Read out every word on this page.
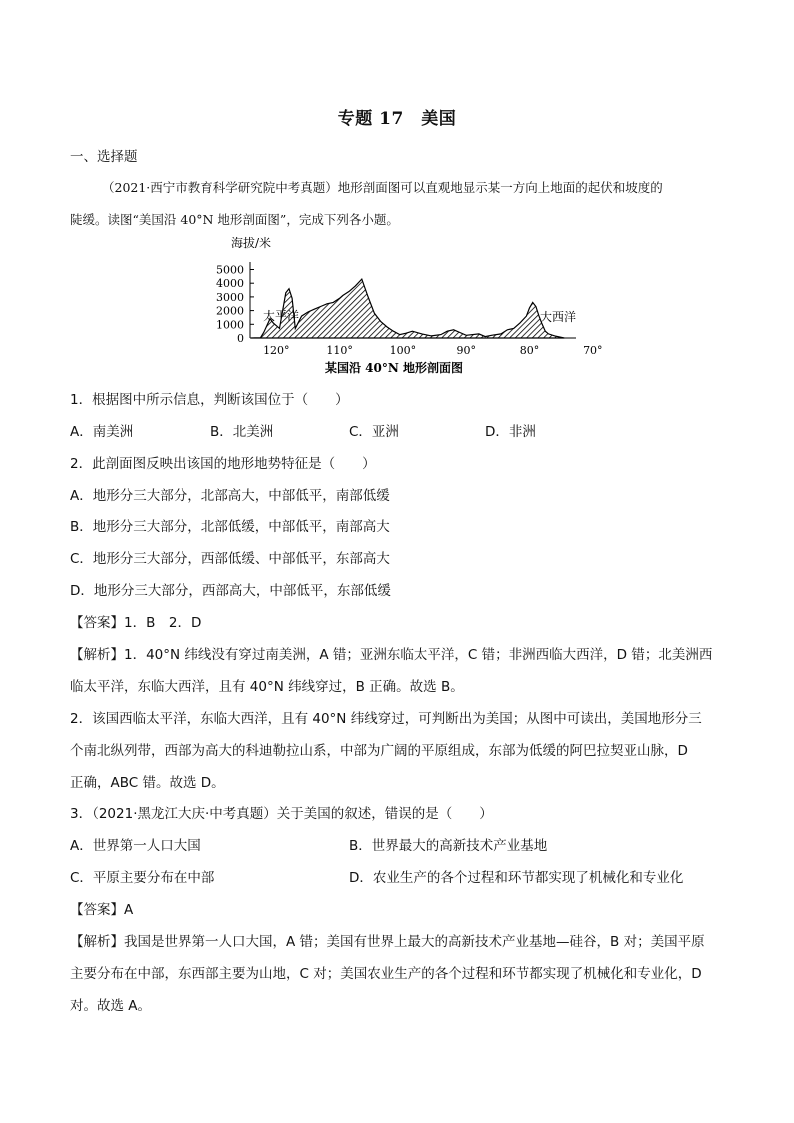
专题 17　美国
一、选择题
（2021·西宁市教育科学研究院中考真题）地形剖面图可以直观地显示某一方向上地面的起伏和坡度的
陡缓。读图“美国沿 40°N 地形剖面图”，完成下列各小题。
海拔/米
5000
4000
3000
2000
1000
0
120°	110°	100°	90°	80°	70°
太平洋	大西洋
某国沿 40°N 地形剖面图
1．根据图中所示信息，判断该国位于（　　）
A．南美洲	B．北美洲	C．亚洲	D．非洲
2．此剖面图反映出该国的地形地势特征是（　　）
A．地形分三大部分，北部高大，中部低平，南部低缓
B．地形分三大部分，北部低缓，中部低平，南部高大
C．地形分三大部分，西部低缓、中部低平，东部高大
D．地形分三大部分，西部高大，中部低平，东部低缓
【答案】1．B　2．D
【解析】1．40°N 纬线没有穿过南美洲，A 错；亚洲东临太平洋，C 错；非洲西临大西洋，D 错；北美洲西
临太平洋，东临大西洋，且有 40°N 纬线穿过，B 正确。故选 B。
2．该国西临太平洋，东临大西洋，且有 40°N 纬线穿过，可判断出为美国；从图中可读出，美国地形分三
个南北纵列带，西部为高大的科迪勒拉山系，中部为广阔的平原组成，东部为低缓的阿巴拉契亚山脉，D
正确，ABC 错。故选 D。
3．（2021·黑龙江大庆·中考真题）关于美国的叙述，错误的是（　　）
A．世界第一人口大国	B．世界最大的高新技术产业基地
C．平原主要分布在中部	D．农业生产的各个过程和环节都实现了机械化和专业化
【答案】A
【解析】我国是世界第一人口大国，A 错；美国有世界上最大的高新技术产业基地—硅谷，B 对；美国平原
主要分布在中部，东西部主要为山地，C 对；美国农业生产的各个过程和环节都实现了机械化和专业化，D
对。故选 A。
